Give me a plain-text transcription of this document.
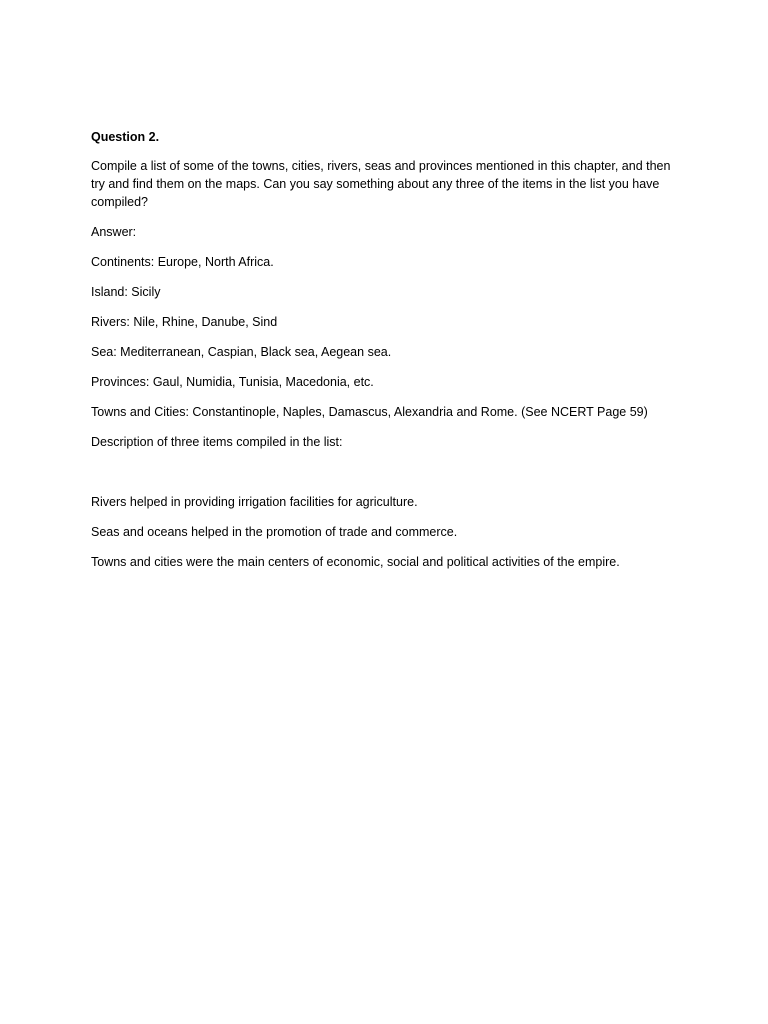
Question 2.

Compile a list of some of the towns, cities, rivers, seas and provinces mentioned in this chapter, and then try and find them on the maps. Can you say something about any three of the items in the list you have compiled?

Answer:

Continents: Europe, North Africa.

Island: Sicily

Rivers: Nile, Rhine, Danube, Sind

Sea: Mediterranean, Caspian, Black sea, Aegean sea.

Provinces: Gaul, Numidia, Tunisia, Macedonia, etc.

Towns and Cities: Constantinople, Naples, Damascus, Alexandria and Rome. (See NCERT Page 59)

Description of three items compiled in the list:

Rivers helped in providing irrigation facilities for agriculture.

Seas and oceans helped in the promotion of trade and commerce.

Towns and cities were the main centers of economic, social and political activities of the empire.
